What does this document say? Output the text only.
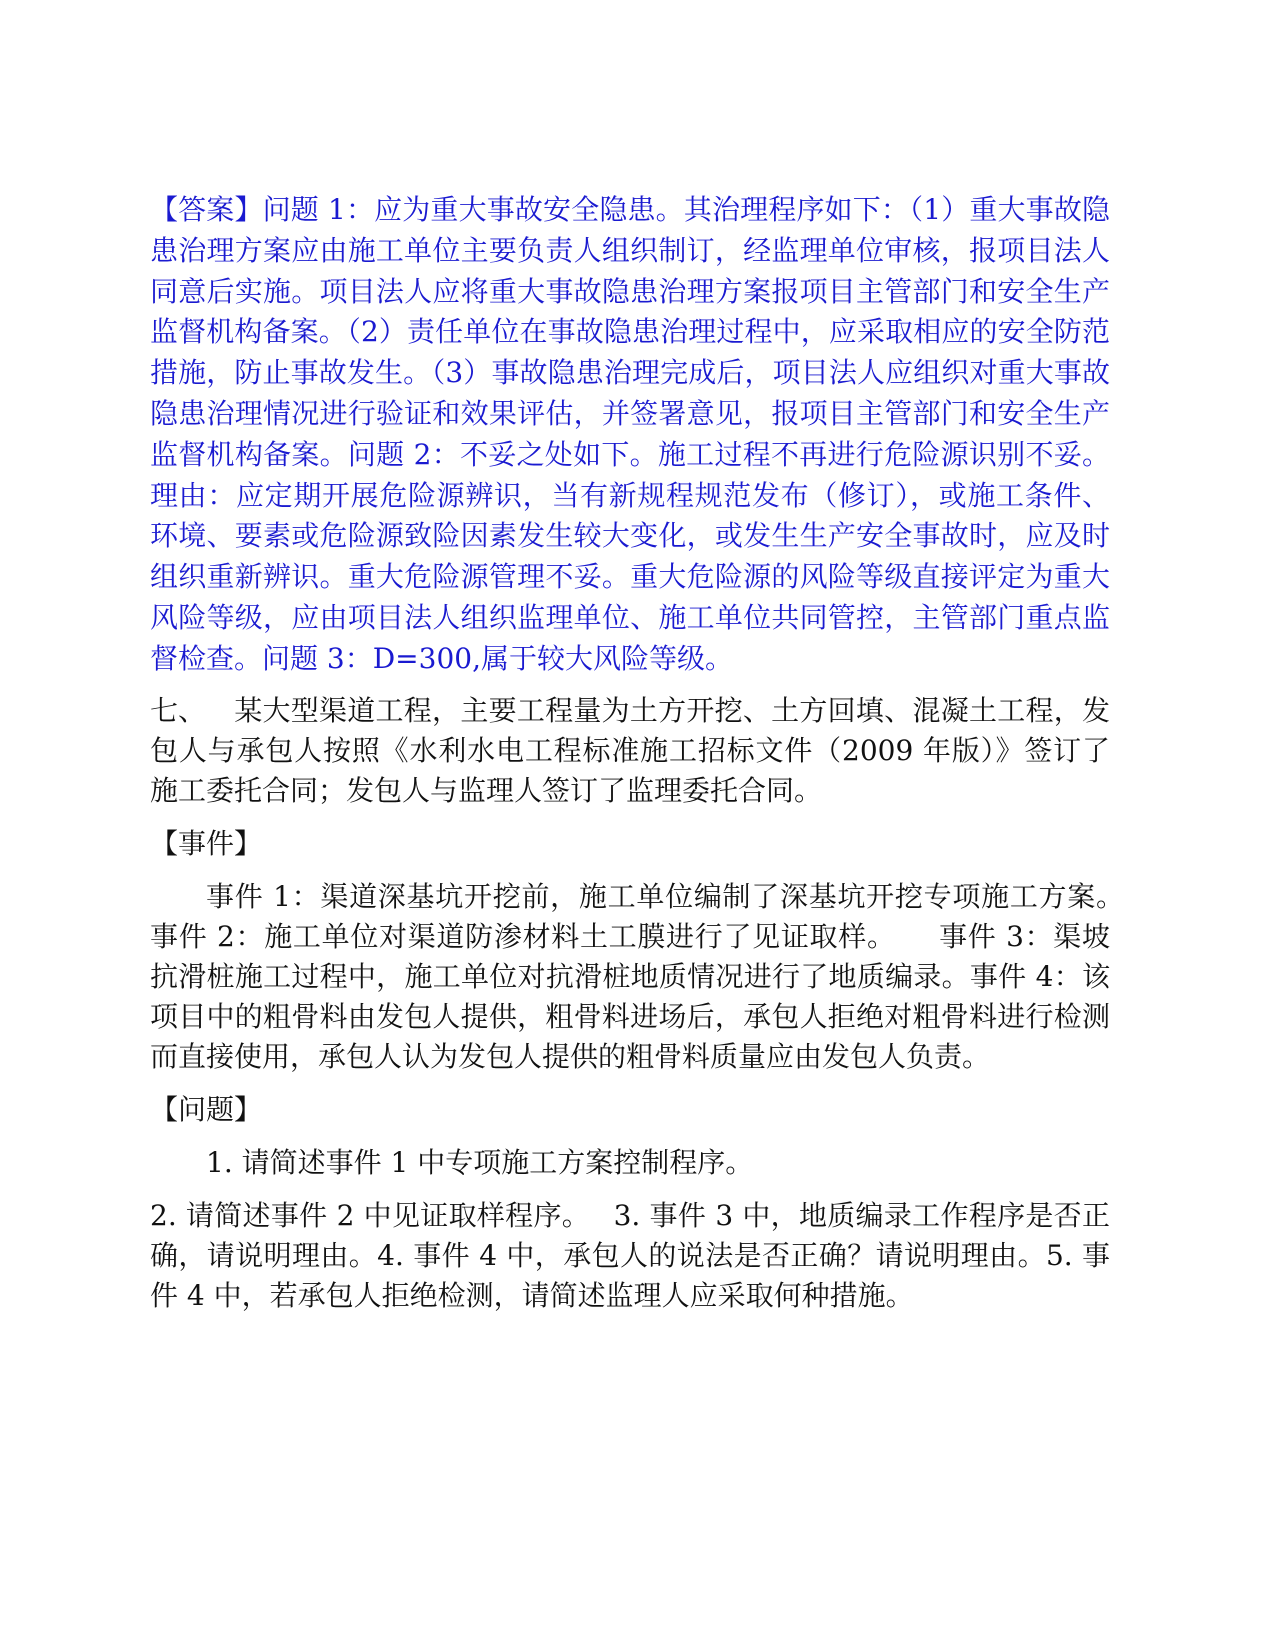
【答案】问题 1：应为重大事故安全隐患。其治理程序如下：（1）重大事故隐患治理方案应由施工单位主要负责人组织制订，经监理单位审核，报项目法人同意后实施。项目法人应将重大事故隐患治理方案报项目主管部门和安全生产监督机构备案。（2）责任单位在事故隐患治理过程中，应采取相应的安全防范措施，防止事故发生。（3）事故隐患治理完成后，项目法人应组织对重大事故隐患治理情况进行验证和效果评估，并签署意见，报项目主管部门和安全生产监督机构备案。问题 2：不妥之处如下。施工过程不再进行危险源识别不妥。理由：应定期开展危险源辨识，当有新规程规范发布（修订），或施工条件、环境、要素或危险源致险因素发生较大变化，或发生生产安全事故时，应及时组织重新辨识。重大危险源管理不妥。重大危险源的风险等级直接评定为重大风险等级，应由项目法人组织监理单位、施工单位共同管控，主管部门重点监督检查。问题 3：D=300,属于较大风险等级。

七、 某大型渠道工程，主要工程量为土方开挖、土方回填、混凝土工程，发包人与承包人按照《水利水电工程标准施工招标文件（2009 年版）》签订了施工委托合同；发包人与监理人签订了监理委托合同。

【事件】

事件 1：渠道深基坑开挖前，施工单位编制了深基坑开挖专项施工方案。　　事件 2：施工单位对渠道防渗材料土工膜进行了见证取样。　　事件 3：渠坡抗滑桩施工过程中，施工单位对抗滑桩地质情况进行了地质编录。事件 4：该项目中的粗骨料由发包人提供，粗骨料进场后，承包人拒绝对粗骨料进行检测而直接使用，承包人认为发包人提供的粗骨料质量应由发包人负责。

【问题】

1. 请简述事件 1 中专项施工方案控制程序。

2. 请简述事件 2 中见证取样程序。　 3. 事件 3 中，地质编录工作程序是否正确，请说明理由。4. 事件 4 中，承包人的说法是否正确？请说明理由。5. 事件 4 中，若承包人拒绝检测，请简述监理人应采取何种措施。
